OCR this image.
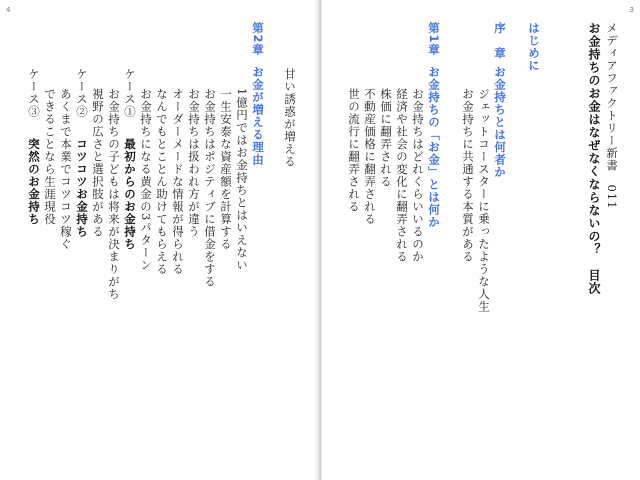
4
甘い誘惑が増える
第2章
お金が増える理由
1億円ではお金持ちとはいえない
一生安泰な資産額を計算する
お金持ちはポジティブに借金をする
お金持ちは扱われ方が違う
オーダーメードな情報が得られる
なんでもとことん助けてもらえる
お金持ちになる黄金の3パターン
ケース①
最初からのお金持ち
お金持ちの子どもは将来が決まりがち
視野の広さと選択肢がある
ケース②
コツコツお金持ち
あくまで本業でコツコツ稼ぐ
できることなら生涯現役
ケース③
突然のお金持ち
3
メディアファクトリー新書　011
お金持ちのお金はなぜなくならないの？　目次
はじめに
序　章
お金持ちとは何者か
ジェットコースターに乗ったような人生
お金持ちに共通する本質がある
第1章
お金持ちの「お金」とは何か
お金持ちはどれくらいいるのか
経済や社会の変化に翻弄される
株価に翻弄される
不動産価格に翻弄される
世の流行に翻弄される
